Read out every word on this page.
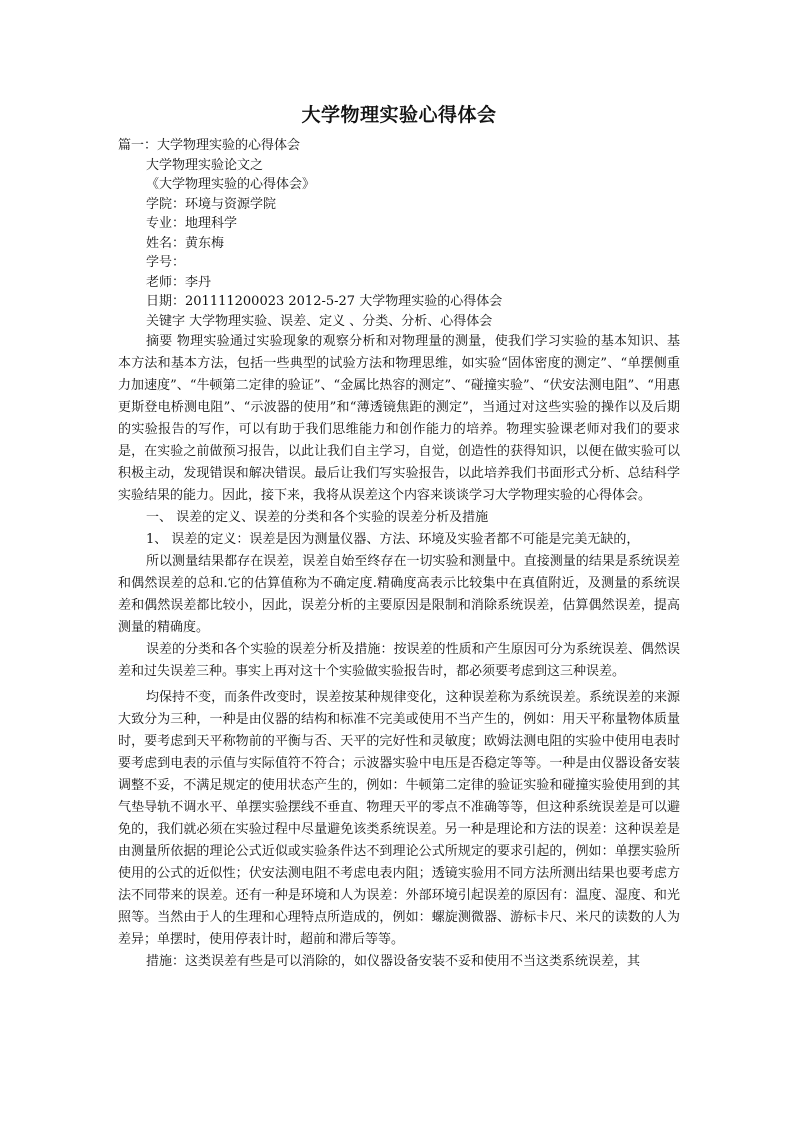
大学物理实验心得体会
篇一：大学物理实验的心得体会
大学物理实验论文之
《大学物理实验的心得体会》
学院：环境与资源学院
专业：地理科学
姓名：黄东梅
学号：
老师：李丹
日期：201111200023 2012-5-27 大学物理实验的心得体会
关键字 大学物理实验、误差、定义 、分类、分析、心得体会

摘要 物理实验通过实验现象的观察分析和对物理量的测量，使我们学习实验的基本知识、基本方法和基本方法，包括一些典型的试验方法和物理思维，如实验“固体密度的测定”、“单摆侧重力加速度”、“牛顿第二定律的验证”、“金属比热容的测定”、“碰撞实验”、“伏安法测电阻”、“用惠更斯登电桥测电阻”、“示波器的使用”和“薄透镜焦距的测定”，当通过对这些实验的操作以及后期的实验报告的写作，可以有助于我们思维能力和创作能力的培养。物理实验课老师对我们的要求是，在实验之前做预习报告，以此让我们自主学习，自觉，创造性的获得知识，以便在做实验可以积极主动，发现错误和解决错误。最后让我们写实验报告，以此培养我们书面形式分析、总结科学实验结果的能力。因此，接下来，我将从误差这个内容来谈谈学习大学物理实验的心得体会。

一、 误差的定义、误差的分类和各个实验的误差分析及措施
1、 误差的定义：误差是因为测量仪器、方法、环境及实验者都不可能是完美无缺的，

所以测量结果都存在误差，误差自始至终存在一切实验和测量中。直接测量的结果是系统误差和偶然误差的总和.它的估算值称为不确定度.精确度高表示比较集中在真值附近，及测量的系统误差和偶然误差都比较小，因此，误差分析的主要原因是限制和消除系统误差，估算偶然误差，提高测量的精确度。

误差的分类和各个实验的误差分析及措施：按误差的性质和产生原因可分为系统误差、偶然误差和过失误差三种。事实上再对这十个实验做实验报告时，都必须要考虑到这三种误差。

均保持不变，而条件改变时，误差按某种规律变化，这种误差称为系统误差。系统误差的来源大致分为三种，一种是由仪器的结构和标准不完美或使用不当产生的，例如：用天平称量物体质量时，要考虑到天平称物前的平衡与否、天平的完好性和灵敏度；欧姆法测电阻的实验中使用电表时要考虑到电表的示值与实际值符不符合；示波器实验中电压是否稳定等等。一种是由仪器设备安装调整不妥，不满足规定的使用状态产生的，例如：牛顿第二定律的验证实验和碰撞实验使用到的其气垫导轨不调水平、单摆实验摆线不垂直、物理天平的零点不准确等等，但这种系统误差是可以避免的，我们就必须在实验过程中尽量避免该类系统误差。另一种是理论和方法的误差：这种误差是由测量所依据的理论公式近似或实验条件达不到理论公式所规定的要求引起的，例如：单摆实验所使用的公式的近似性；伏安法测电阻不考虑电表内阻；透镜实验用不同方法所测出结果也要考虑方法不同带来的误差。还有一种是环境和人为误差：外部环境引起误差的原因有：温度、湿度、和光照等。当然由于人的生理和心理特点所造成的，例如：螺旋测微器、游标卡尺、米尺的读数的人为差异；单摆时，使用停表计时，超前和滞后等等。

措施：这类误差有些是可以消除的，如仪器设备安装不妥和使用不当这类系统误差，其
